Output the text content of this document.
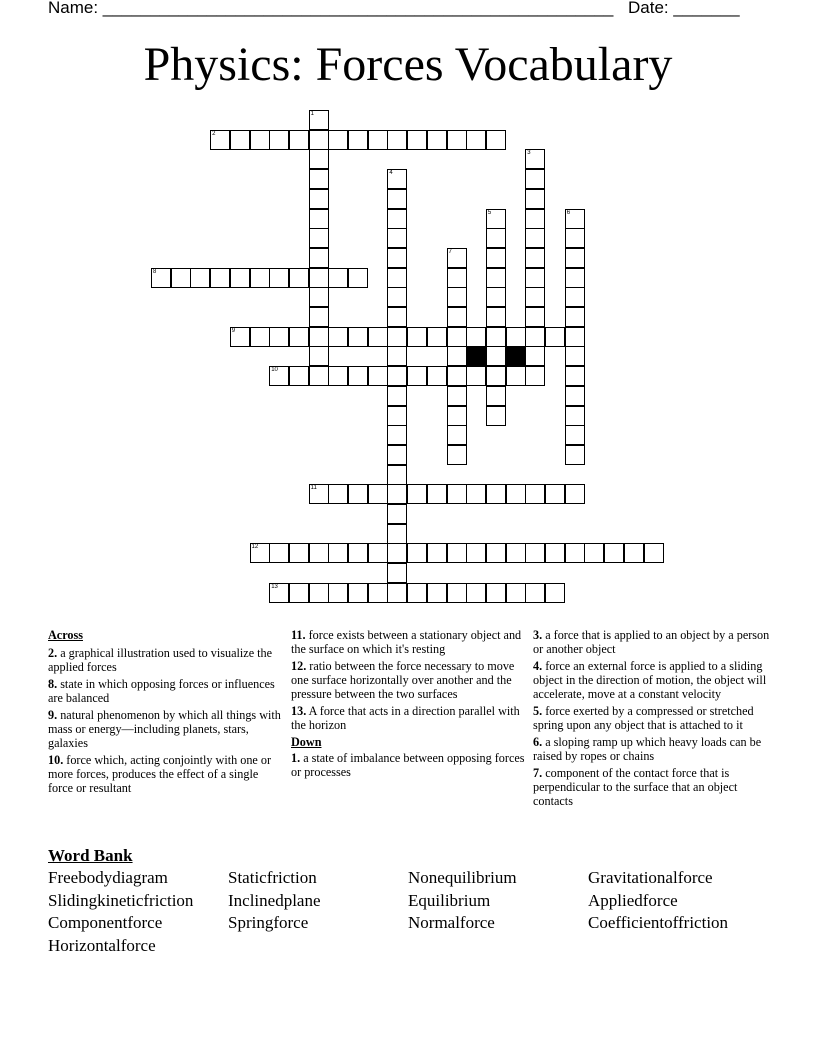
Name: ______________________________________________________ Date: _______
Physics: Forces Vocabulary
2
8
9
10
11
12
13
1
3
4
5	6
7
Across
2. a graphical illustration used to visualize the applied forces
8. state in which opposing forces or influences are balanced
9. natural phenomenon by which all things with mass or energy—including planets, stars, galaxies
10. force which, acting conjointly with one or more forces, produces the effect of a single force or resultant
11. force exists between a stationary object and the surface on which it's resting
12. ratio between the force necessary to move one surface horizontally over another and the pressure between the two surfaces
13. A force that acts in a direction parallel with the horizon
Down
1. a state of imbalance between opposing forces or processes
3. a force that is applied to an object by a person or another object
4. force an external force is applied to a sliding object in the direction of motion, the object will accelerate, move at a constant velocity
5. force exerted by a compressed or stretched spring upon any object that is attached to it
6. a sloping ramp up which heavy loads can be raised by ropes or chains
7. component of the contact force that is perpendicular to the surface that an object contacts
Word Bank
Freebodydiagram	Staticfriction	Nonequilibrium	Gravitationalforce
Slidingkineticfriction Inclinedplane	Equilibrium	Appliedforce
Componentforce	Springforce	Normalforce	Coefficientoffriction
Horizontalforce
